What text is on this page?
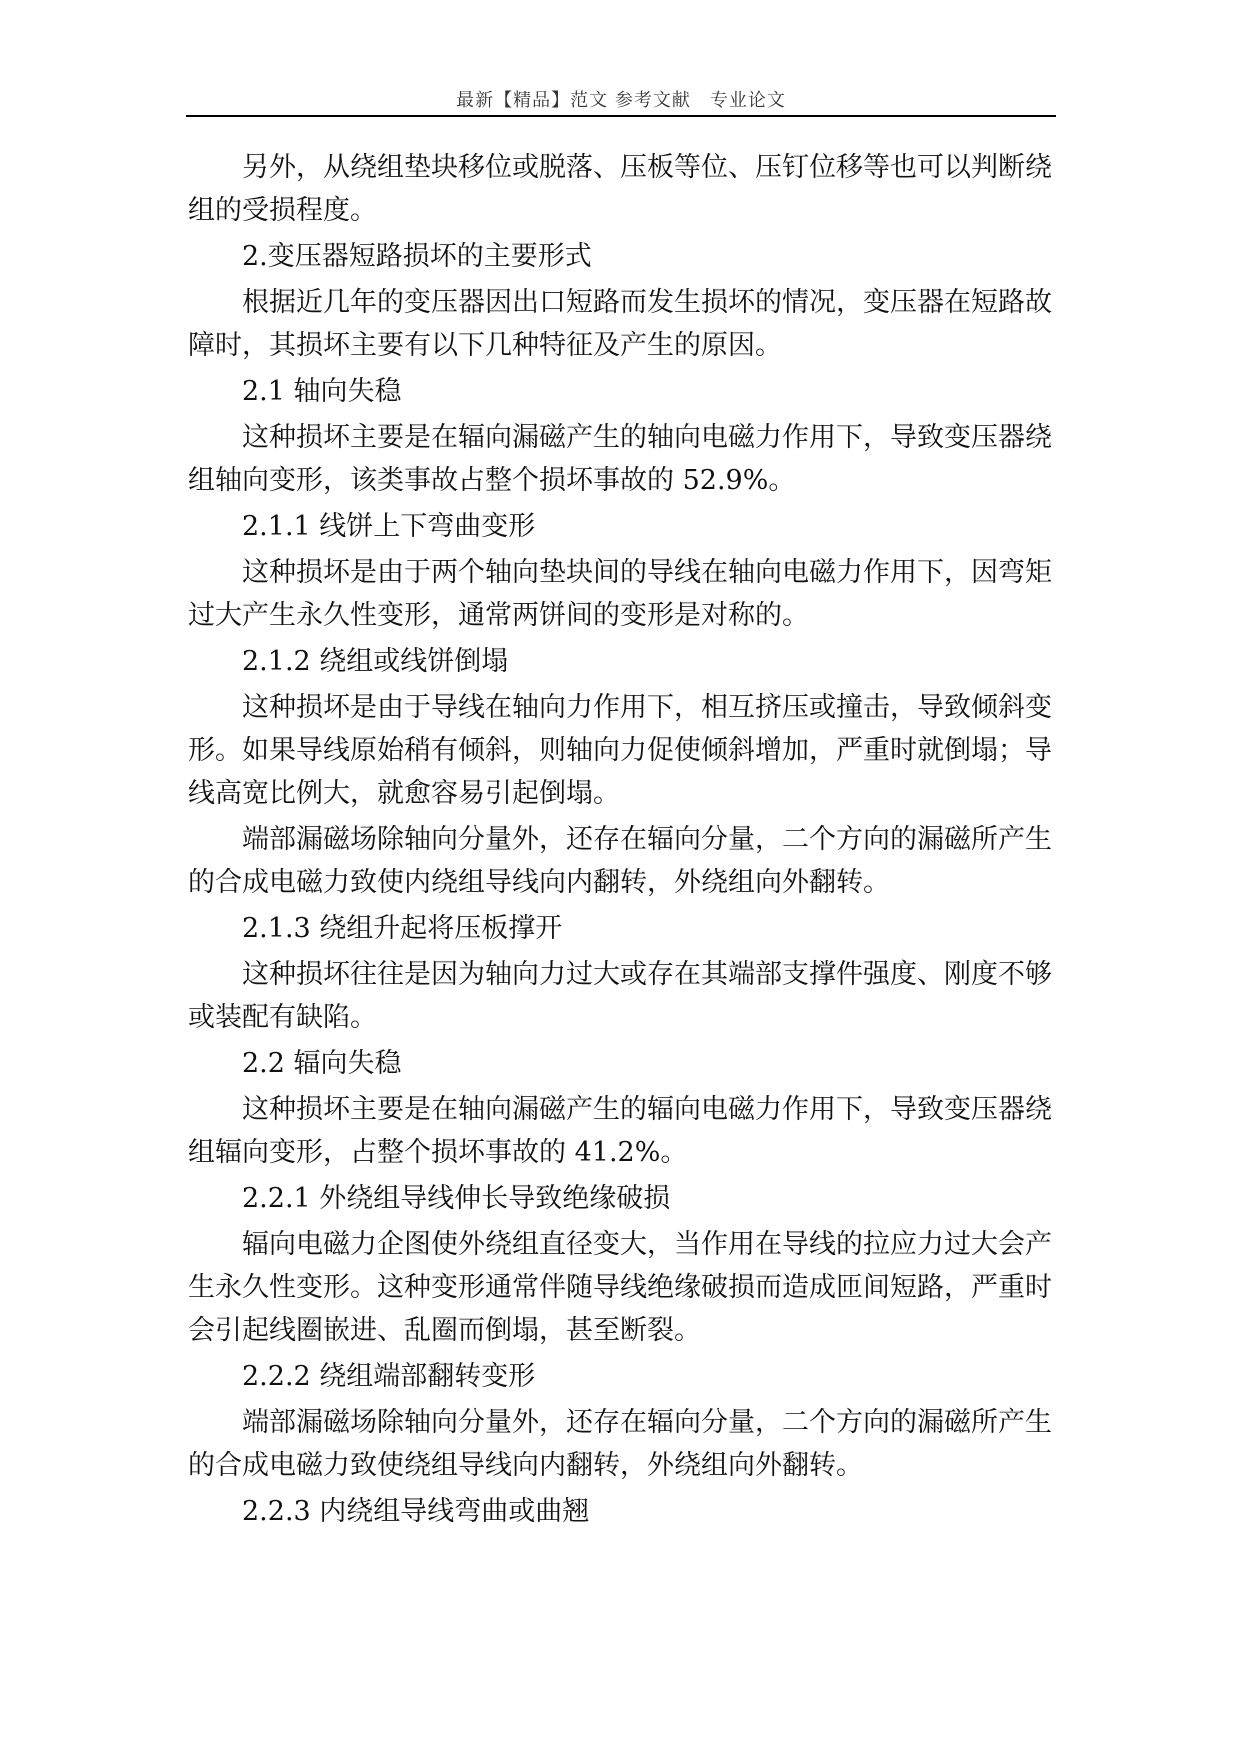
最新【精品】范文 参考文献　专业论文

另外，从绕组垫块移位或脱落、压板等位、压钉位移等也可以判断绕组的受损程度。

2.变压器短路损坏的主要形式

根据近几年的变压器因出口短路而发生损坏的情况，变压器在短路故障时，其损坏主要有以下几种特征及产生的原因。

2.1 轴向失稳

这种损坏主要是在辐向漏磁产生的轴向电磁力作用下，导致变压器绕组轴向变形，该类事故占整个损坏事故的 52.9%。

2.1.1 线饼上下弯曲变形

这种损坏是由于两个轴向垫块间的导线在轴向电磁力作用下，因弯矩过大产生永久性变形，通常两饼间的变形是对称的。

2.1.2 绕组或线饼倒塌

这种损坏是由于导线在轴向力作用下，相互挤压或撞击，导致倾斜变形。如果导线原始稍有倾斜，则轴向力促使倾斜增加，严重时就倒塌；导线高宽比例大，就愈容易引起倒塌。

端部漏磁场除轴向分量外，还存在辐向分量，二个方向的漏磁所产生的合成电磁力致使内绕组导线向内翻转，外绕组向外翻转。

2.1.3 绕组升起将压板撑开

这种损坏往往是因为轴向力过大或存在其端部支撑件强度、刚度不够或装配有缺陷。

2.2 辐向失稳

这种损坏主要是在轴向漏磁产生的辐向电磁力作用下，导致变压器绕组辐向变形，占整个损坏事故的 41.2%。

2.2.1 外绕组导线伸长导致绝缘破损

辐向电磁力企图使外绕组直径变大，当作用在导线的拉应力过大会产生永久性变形。这种变形通常伴随导线绝缘破损而造成匝间短路，严重时会引起线圈嵌进、乱圈而倒塌，甚至断裂。

2.2.2 绕组端部翻转变形

端部漏磁场除轴向分量外，还存在辐向分量，二个方向的漏磁所产生的合成电磁力致使绕组导线向内翻转，外绕组向外翻转。

2.2.3 内绕组导线弯曲或曲翘
